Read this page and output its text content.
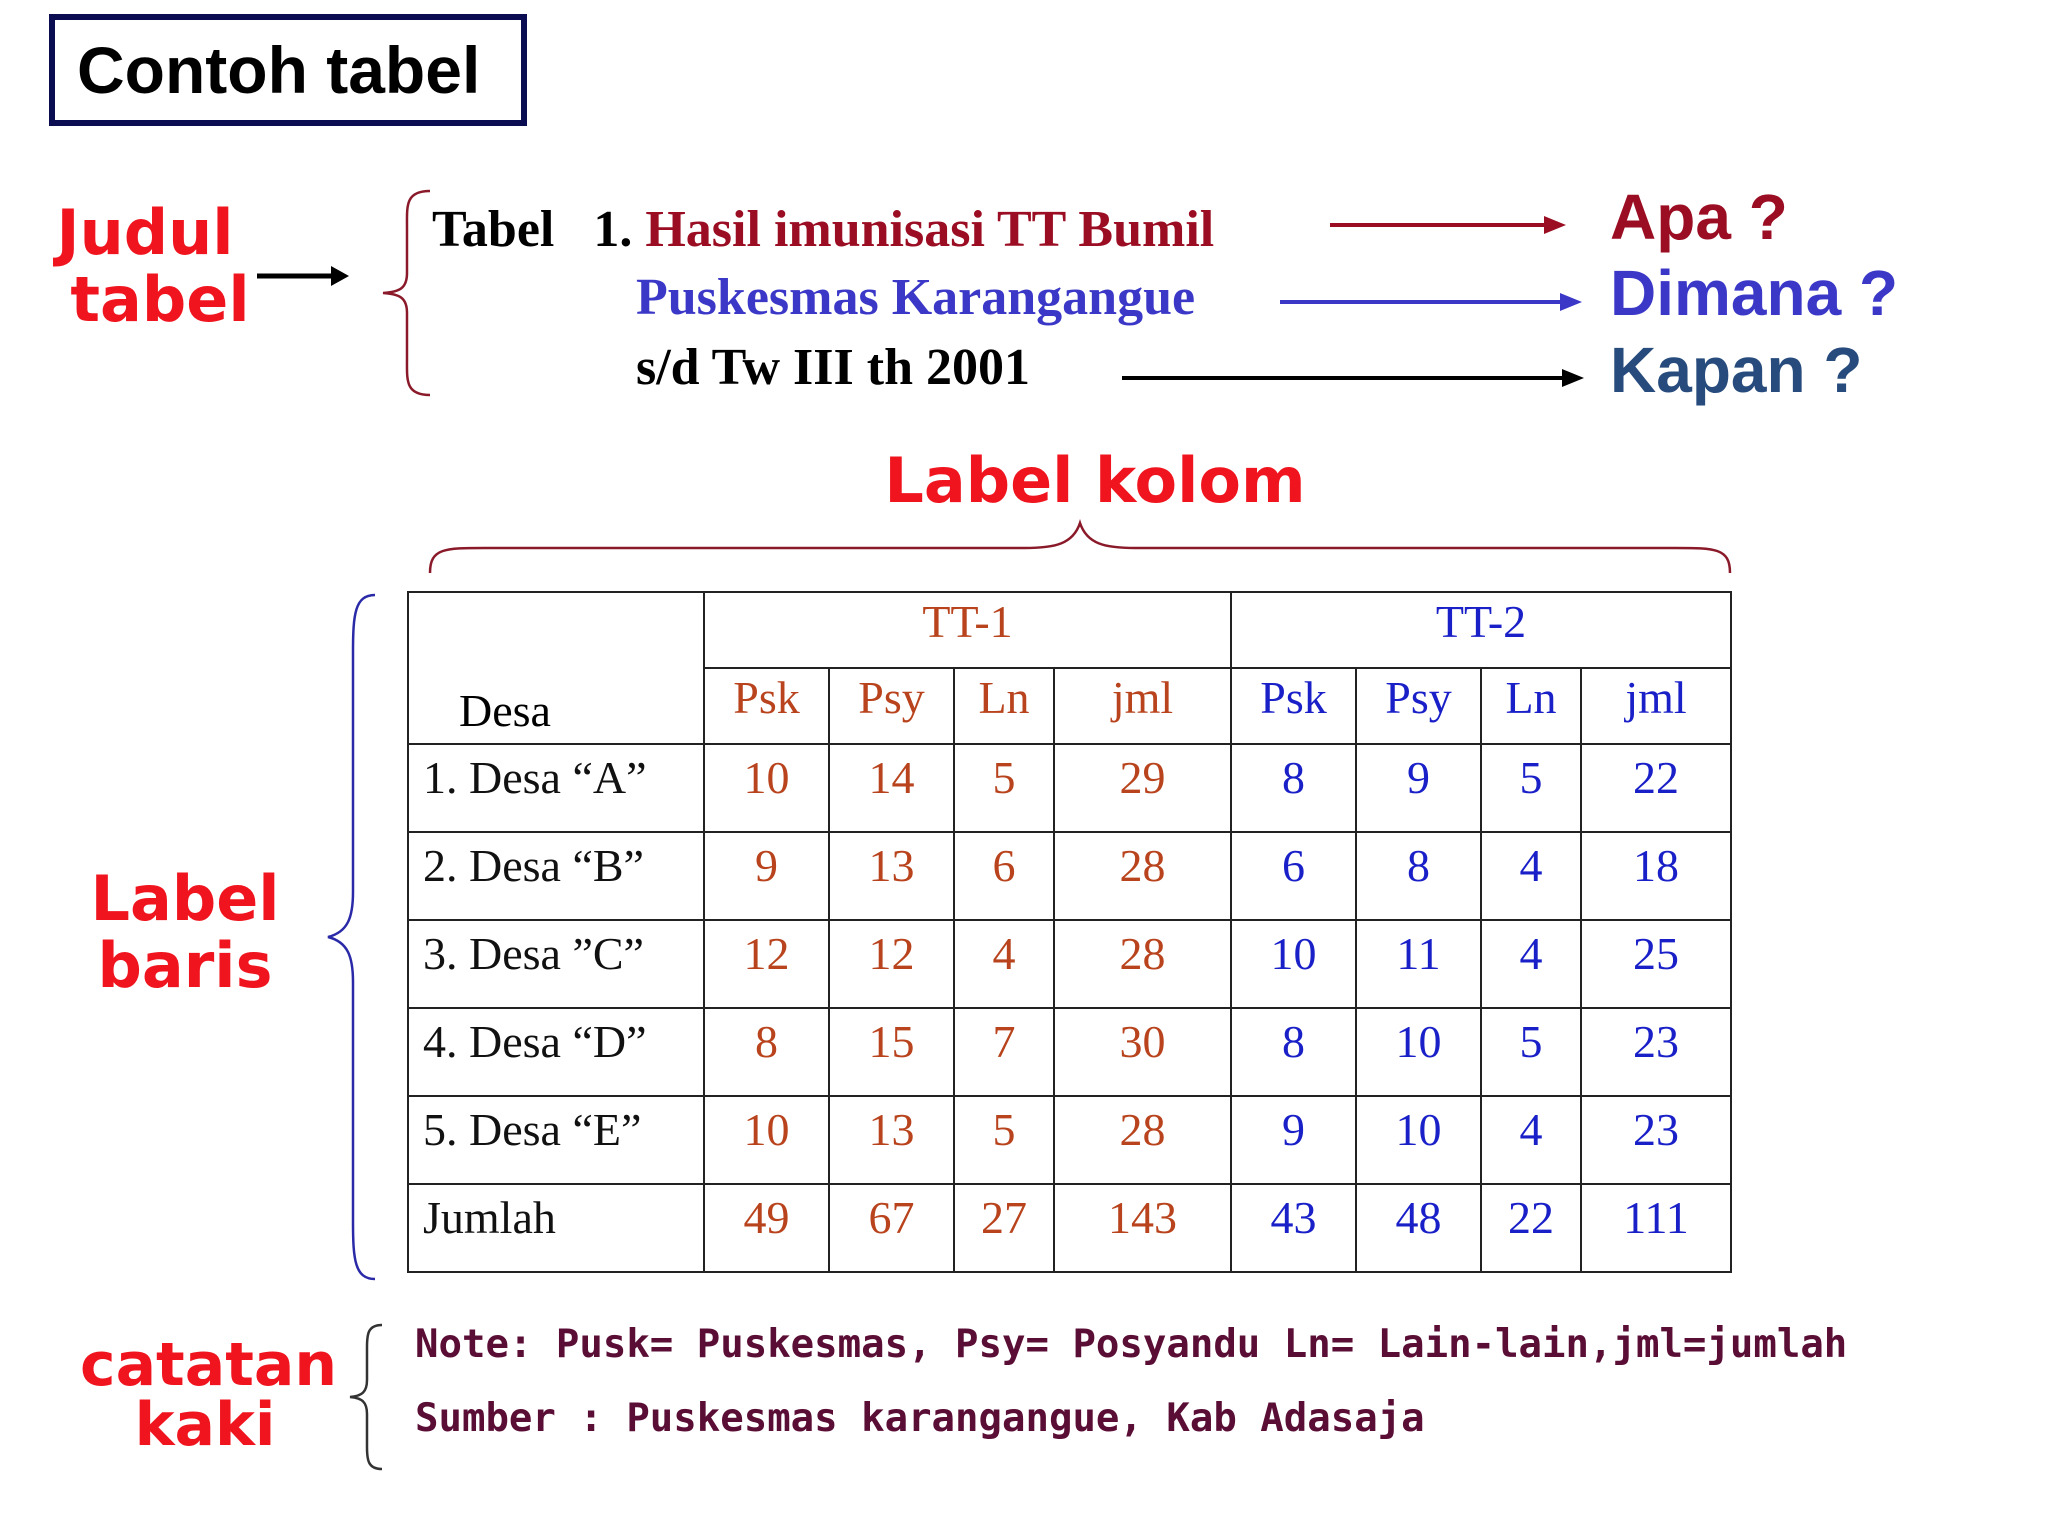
Contoh tabel
Judul
tabel
Tabel   1. Hasil imunisasi TT Bumil
Puskesmas Karangangue
s/d Tw III th 2001
Apa ?
Dimana ?
Kapan ?
Label kolom
Label
baris
Desa	TT-1				TT-2			
	Psk	Psy	Ln	jml	Psk	Psy	Ln	jml
1. Desa “A”	10	14	5	29	8	9	5	22
2. Desa “B”	9	13	6	28	6	8	4	18
3. Desa ”C”	12	12	4	28	10	11	4	25
4. Desa “D”	8	15	7	30	8	10	5	23
5. Desa “E”	10	13	5	28	9	10	4	23
Jumlah	49	67	27	143	43	48	22	111
catatan
kaki
Note: Pusk= Puskesmas, Psy= Posyandu Ln= Lain-lain,jml=jumlah
Sumber : Puskesmas karangangue, Kab Adasaja
